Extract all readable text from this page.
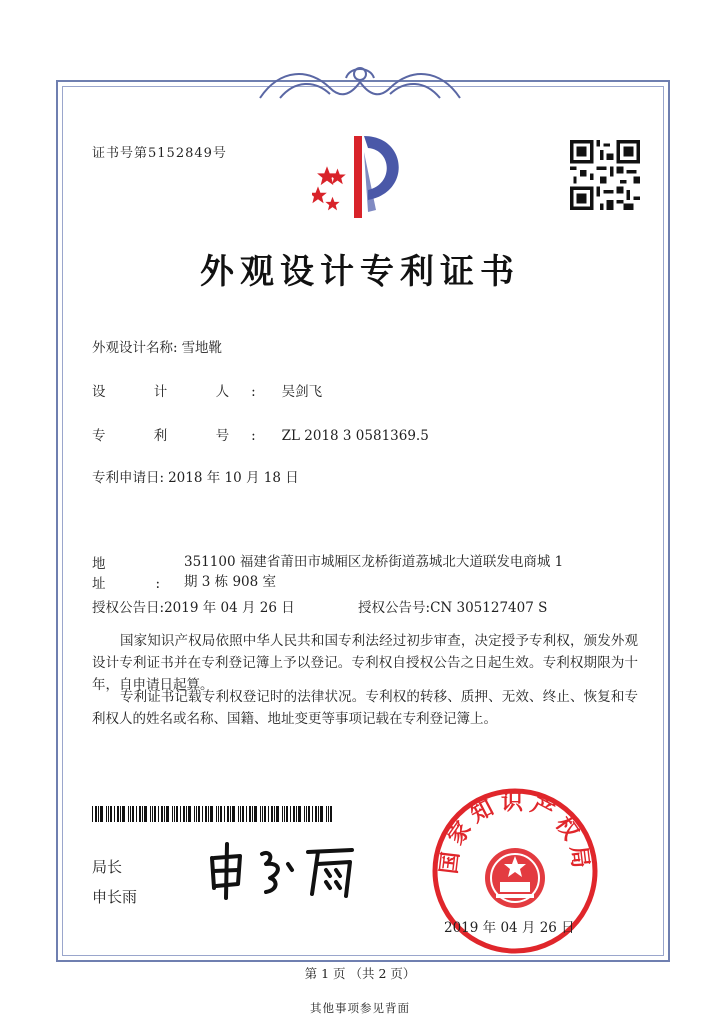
证书号第5152849号
外观设计专利证书
外观设计名称: 雪地靴
设 计 人: 吴剑飞
专 利 号: ZL 2018 3 0581369.5
专利申请日: 2018 年 10 月 18 日
地 址:
351100 福建省莆田市城厢区龙桥街道荔城北大道联发电商城 1 期 3 栋 908 室
授权公告日:2019 年 04 月 26 日	授权公告号:CN 305127407 S
国家知识产权局依照中华人民共和国专利法经过初步审查，决定授予专利权，颁发外观设计专利证书并在专利登记簿上予以登记。专利权自授权公告之日起生效。专利权期限为十年，自申请日起算。
专利证书记载专利权登记时的法律状况。专利权的转移、质押、无效、终止、恢复和专利权人的姓名或名称、国籍、地址变更等事项记载在专利登记簿上。
局长
申长雨
国家知识产权局
2019 年 04 月 26 日
第 1 页 （共 2 页）
其他事项参见背面
